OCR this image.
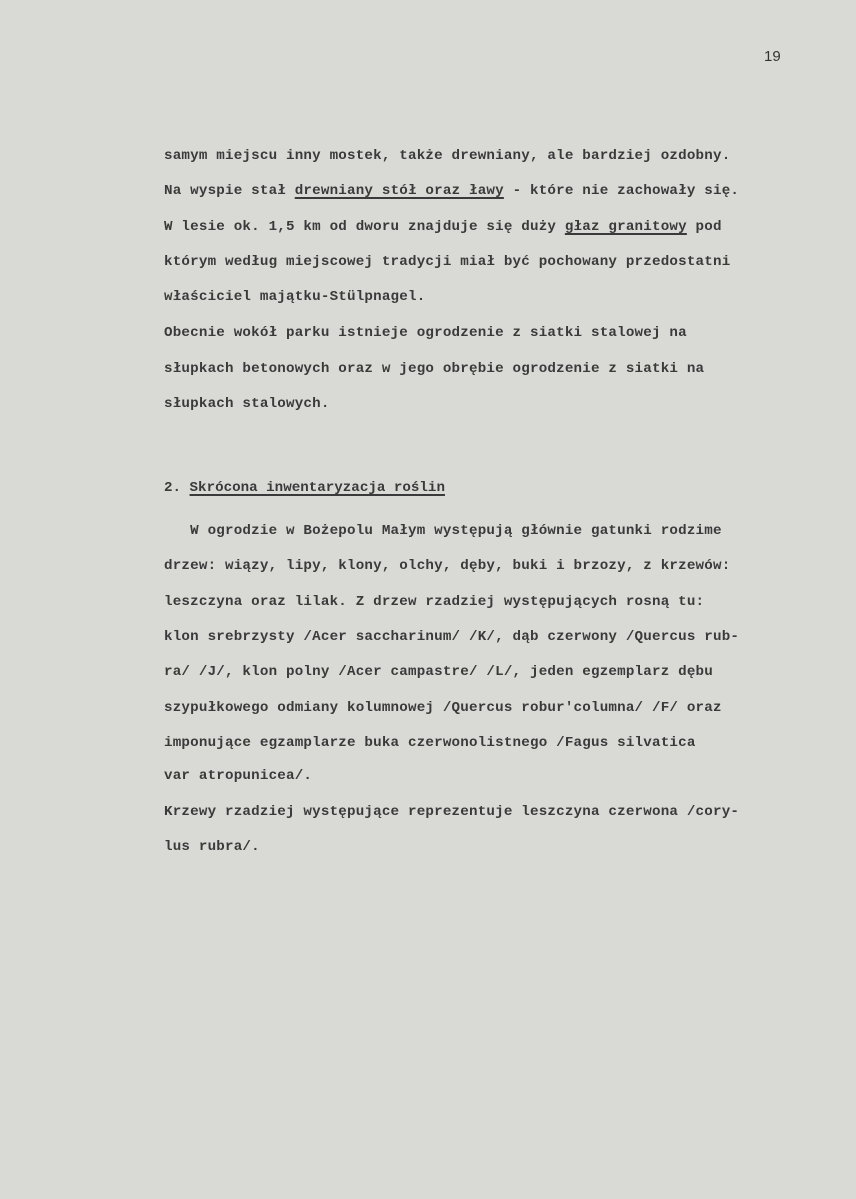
19
samym miejscu inny mostek, także drewniany, ale bardziej ozdobny.
Na wyspie stał drewniany stół oraz ławy - które nie zachowały się.
W lesie ok. 1,5 km od dworu znajduje się duży głaz granitowy pod
którym według miejscowej tradycji miał być pochowany przedostatni
właściciel majątku-Stülpnagel.
Obecnie wokół parku istnieje ogrodzenie z siatki stalowej na
słupkach betonowych oraz w jego obrębie ogrodzenie z siatki na
słupkach stalowych.
2. Skrócona inwentaryzacja roślin
W ogrodzie w Bożepolu Małym występują głównie gatunki rodzime
drzew: wiązy, lipy, klony, olchy, dęby, buki i brzozy, z krzewów:
leszczyna oraz lilak. Z drzew rzadziej występujących rosną tu:
klon srebrzysty /Acer saccharinum/ /K/, dąb czerwony /Quercus rub-
ra/ /J/, klon polny /Acer campastre/ /L/, jeden egzemplarz dębu
szypułkowego odmiany kolumnowej /Quercus robur'columna/ /F/ oraz
imponujące egzamplarze buka czerwonolistnego /Fagus silvatica
var atropunicea/.
Krzewy rzadziej występujące reprezentuje leszczyna czerwona /cory-
lus rubra/.
